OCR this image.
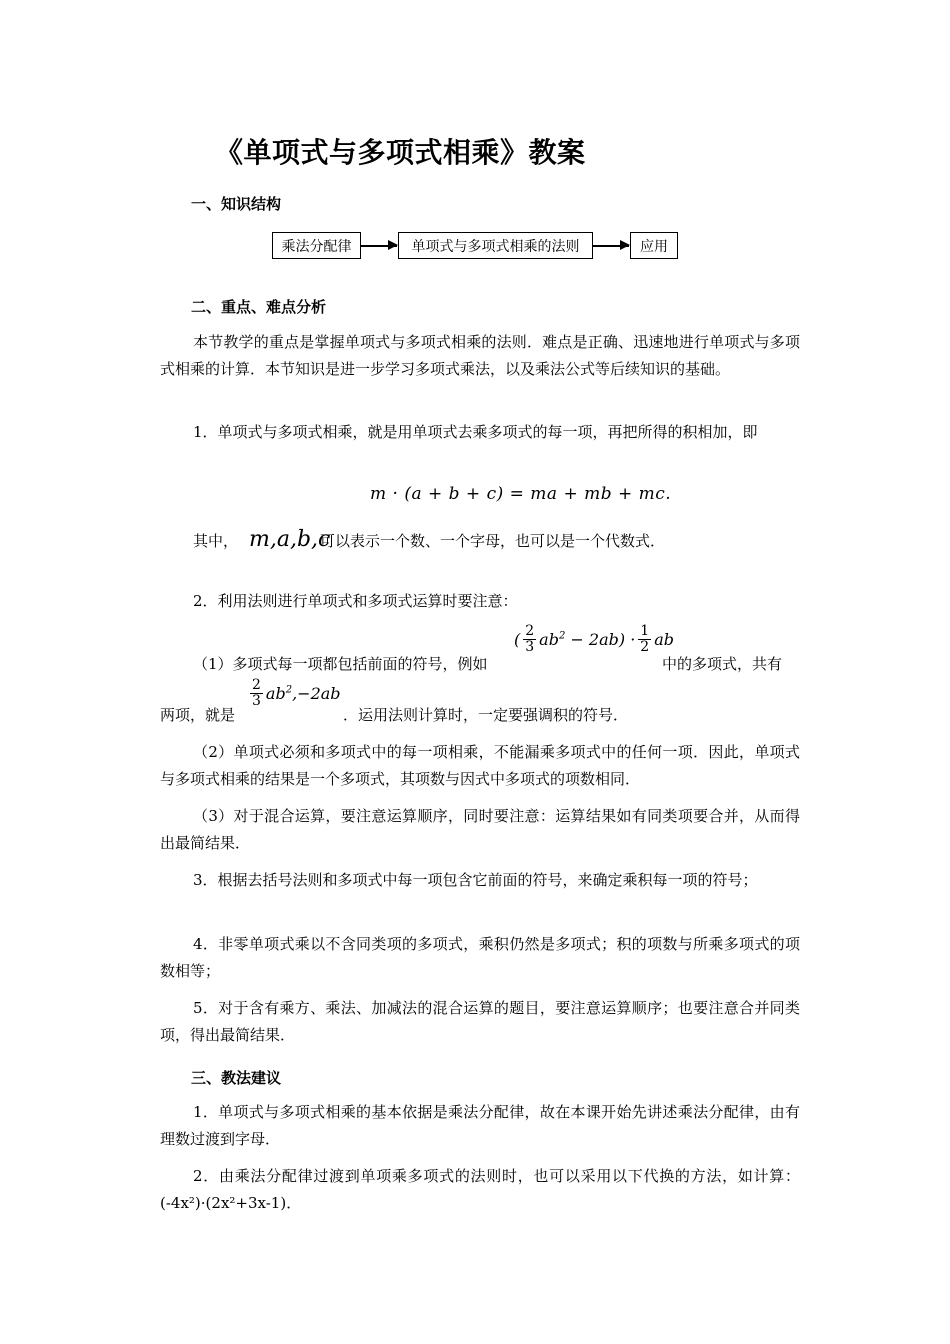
《单项式与多项式相乘》教案
一、知识结构
乘法分配律	单项式与多项式相乘的法则	应用
二、重点、难点分析

本节教学的重点是掌握单项式与多项式相乘的法则．难点是正确、迅速地进行单项式与多项式相乘的计算．本节知识是进一步学习多项式乘法，以及乘法公式等后续知识的基础。

1．单项式与多项式相乘，就是用单项式去乘多项式的每一项，再把所得的积相加，即

m · (a + b + c) = ma + mb + mc.
其中， m,a,b,c
可以表示一个数、一个字母，也可以是一个代数式．
2．利用法则进行单项式和多项式运算时要注意：
（1）多项式每一项都包括前面的符号，例如
( $\frac{2}{3} ab^2 - 2ab) \cdot \frac{1}{2}$ ab
中的多项式，共有
两项，就是
$\frac{2}{3} ab^2,-2ab$
．运用法则计算时，一定要强调积的符号．

（2）单项式必须和多项式中的每一项相乘，不能漏乘多项式中的任何一项．因此，单项式与多项式相乘的结果是一个多项式，其项数与因式中多项式的项数相同．

（3）对于混合运算，要注意运算顺序，同时要注意：运算结果如有同类项要合并，从而得出最简结果．

3．根据去括号法则和多项式中每一项包含它前面的符号，来确定乘积每一项的符号；

4．非零单项式乘以不含同类项的多项式，乘积仍然是多项式；积的项数与所乘多项式的项数相等；

5．对于含有乘方、乘法、加减法的混合运算的题目，要注意运算顺序；也要注意合并同类项，得出最简结果．

三、教法建议

1．单项式与多项式相乘的基本依据是乘法分配律，故在本课开始先讲述乘法分配律，由有理数过渡到字母．

2．由乘法分配律过渡到单项乘多项式的法则时，也可以采用以下代换的方法，如计算：(-4x²)·(2x²+3x-1)．
